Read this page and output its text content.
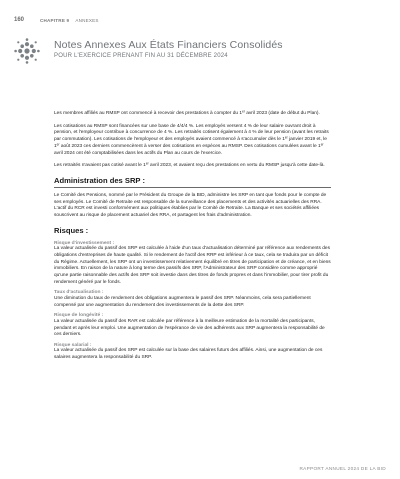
160	CHAPITRE 9 ANNEXES
Notes Annexes Aux États Financiers Consolidés
POUR L'EXERCICE PRENANT FIN AU 31 DÉCEMBRE 2024

Les membres affiliés au RMSP ont commencé à recevoir des prestations à compter du 1er avril 2023 (date de début du Plan).

Les cotisations au RMSP sont financées sur une base de 4/4/4 %. Les employés versent 4 % de leur salaire ouvrant droit à pension, et l'employeur contribue à concurrence de 4 %. Les retraités cotisent également à 4 % de leur pension (avant les retraits par commutation). Les cotisations de l'employeur et des employés avaient commencé à s'accumuler dès le 1er janvier 2019 et, le 1er août 2023 ces derniers commencèrent à verser des cotisations en espèces au RMSP. Des cotisations cumulées avant le 1er avril 2024 ont été comptabilisées dans les actifs du Plan au cours de l'exercice.

Les retraités n'avaient pas cotisé avant le 1er avril 2023, et avaient reçu des prestations en vertu du RMSP jusqu'à cette date-là.

Administration des SRP :

Le Comité des Pensions, nommé par le Président du Groupe de la BID, administre les SRP en tant que fonds pour le compte de ses employés. Le Comité de Retraite est responsable de la surveillance des placements et des activités actuarielles des RRA. L'actif du RCR est investi conformément aux politiques établies par le Comité de Retraite. La Banque et ses sociétés affiliées souscrivent au risque de placement actuariel des RRA, et partagent les frais d'administration.

Risques :
Risque d'investissement :

La valeur actualisée du passif des SRP est calculée à l'aide d'un taux d'actualisation déterminé par référence aux rendements des obligations d'entreprises de haute qualité. Si le rendement de l'actif des RRP est inférieur à ce taux, cela se traduira par un déficit du Régime. Actuellement, les SRP ont un investissement relativement équilibré en titres de participation et de créance, et en biens immobiliers. En raison de la nature à long terme des passifs des SRP, l'Administrateur des SRP considère comme approprié qu'une partie raisonnable des actifs des SRP soit investie dans des titres de fonds propres et dans l'immobilier, pour tirer profit du rendement généré par le fonds.

Taux d'actualisation :

Une diminution du taux de rendement des obligations augmentera le passif des SRP. Néanmoins, cela sera partiellement compensé par une augmentation du rendement des investissements de la dette des SRP.

Risque de longévité :

La valeur actualisée du passif des RAR est calculée par référence à la meilleure estimation de la mortalité des participants, pendant et après leur emploi. Une augmentation de l'espérance de vie des adhérents aux SRP augmentera la responsabilité de ces derniers.

Risque salarial :

La valeur actualisée du passif des SRP est calculée sur la base des salaires futurs des affiliés. Ainsi, une augmentation de ces salaires augmentera la responsabilité du SRP.

RAPPORT ANNUEL 2024 DE LA BID
